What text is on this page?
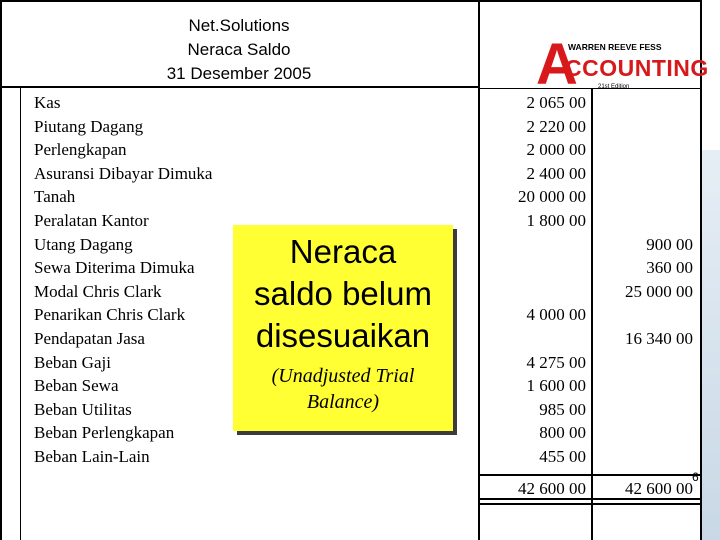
Net.Solutions
Neraca Saldo
31 Desember 2005	A
WARREN REEVE FESS
CCOUNTING
21st Edition
Kas
Piutang Dagang
Perlengkapan
Asuransi Dibayar Dimuka
Tanah
Peralatan Kantor
Utang Dagang
Sewa Diterima Dimuka
Modal Chris Clark
Penarikan Chris Clark
Pendapatan Jasa
Beban Gaji
Beban Sewa
Beban Utilitas
Beban Perlengkapan
Beban Lain-Lain
2 065 00
2 220 00
2 000 00
2 400 00
20 000 00
1 800 00

4 000 00

4 275 00
1 600 00
985 00
800 00
455 00

900 00
360 00
25 000 00

16 340 00

42 600 00	42 600 00
Neraca
saldo belum
disesuaikan
(Unadjusted Trial
Balance)
6
